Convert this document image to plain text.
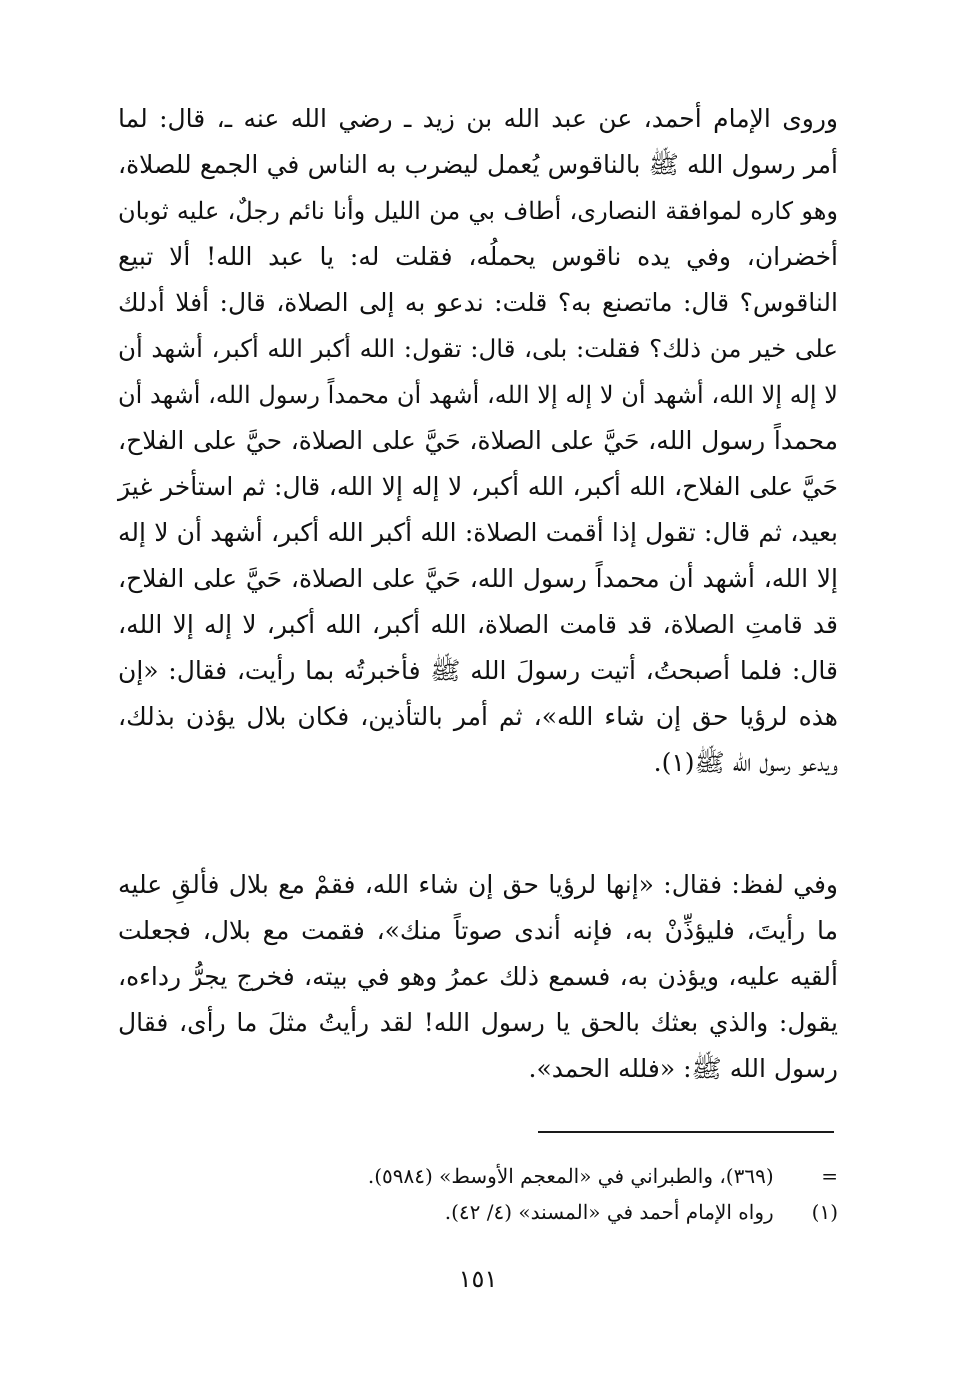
وروى الإمام أحمد، عن عبد الله بن زيد ـ رضي الله عنه ـ، قال: لما
أمر رسول الله ﷺ بالناقوس يُعمل ليضرب به الناس في الجمع للصلاة،
وهو كاره لموافقة النصارى، أطاف بي من الليل وأنا نائم رجلٌ، عليه ثوبان
أخضران، وفي يده ناقوس يحملُه، فقلت له: يا عبد الله! ألا تبيع
الناقوس؟ قال: ماتصنع به؟ قلت: ندعو به إلى الصلاة، قال: أفلا أدلك
على خير من ذلك؟ فقلت: بلى، قال: تقول: الله أكبر الله أكبر، أشهد أن
لا إله إلا الله، أشهد أن لا إله إلا الله، أشهد أن محمداً رسول الله، أشهد أن
محمداً رسول الله، حَيَّ على الصلاة، حَيَّ على الصلاة، حيَّ على الفلاح،
حَيَّ على الفلاح، الله أكبر، الله أكبر، لا إله إلا الله، قال: ثم استأخر غيرَ
بعيد، ثم قال: تقول إذا أقمت الصلاة: الله أكبر الله أكبر، أشهد أن لا إله
إلا الله، أشهد أن محمداً رسول الله، حَيَّ على الصلاة، حَيَّ على الفلاح،
قد قامتِ الصلاة، قد قامت الصلاة، الله أكبر، الله أكبر، لا إله إلا الله،
قال: فلما أصبحتُ، أتيت رسولَ الله ﷺ فأخبرتُه بما رأيت، فقال: «إن
هذه لرؤيا حق إن شاء الله»، ثم أمر بالتأذين، فكان بلال يؤذن بذلك،
ويدعو رسول الله ﷺ(١).
وفي لفظ: فقال: «إنها لرؤيا حق إن شاء الله، فقمْ مع بلال فألقِ عليه
ما رأيتَ، فليؤذِّنْ به، فإنه أندى صوتاً منك»، فقمت مع بلال، فجعلت
ألقيه عليه، ويؤذن به، فسمع ذلك عمرُ وهو في بيته، فخرج يجرُّ رداءه،
يقول: والذي بعثك بالحق يا رسول الله! لقد رأيتُ مثلَ ما رأى، فقال
رسول الله ﷺ: «فلله الحمد».
= (٣٦٩)، والطبراني في «المعجم الأوسط» (٥٩٨٤).
(١) رواه الإمام أحمد في «المسند» (٤/ ٤٢).
١٥١
